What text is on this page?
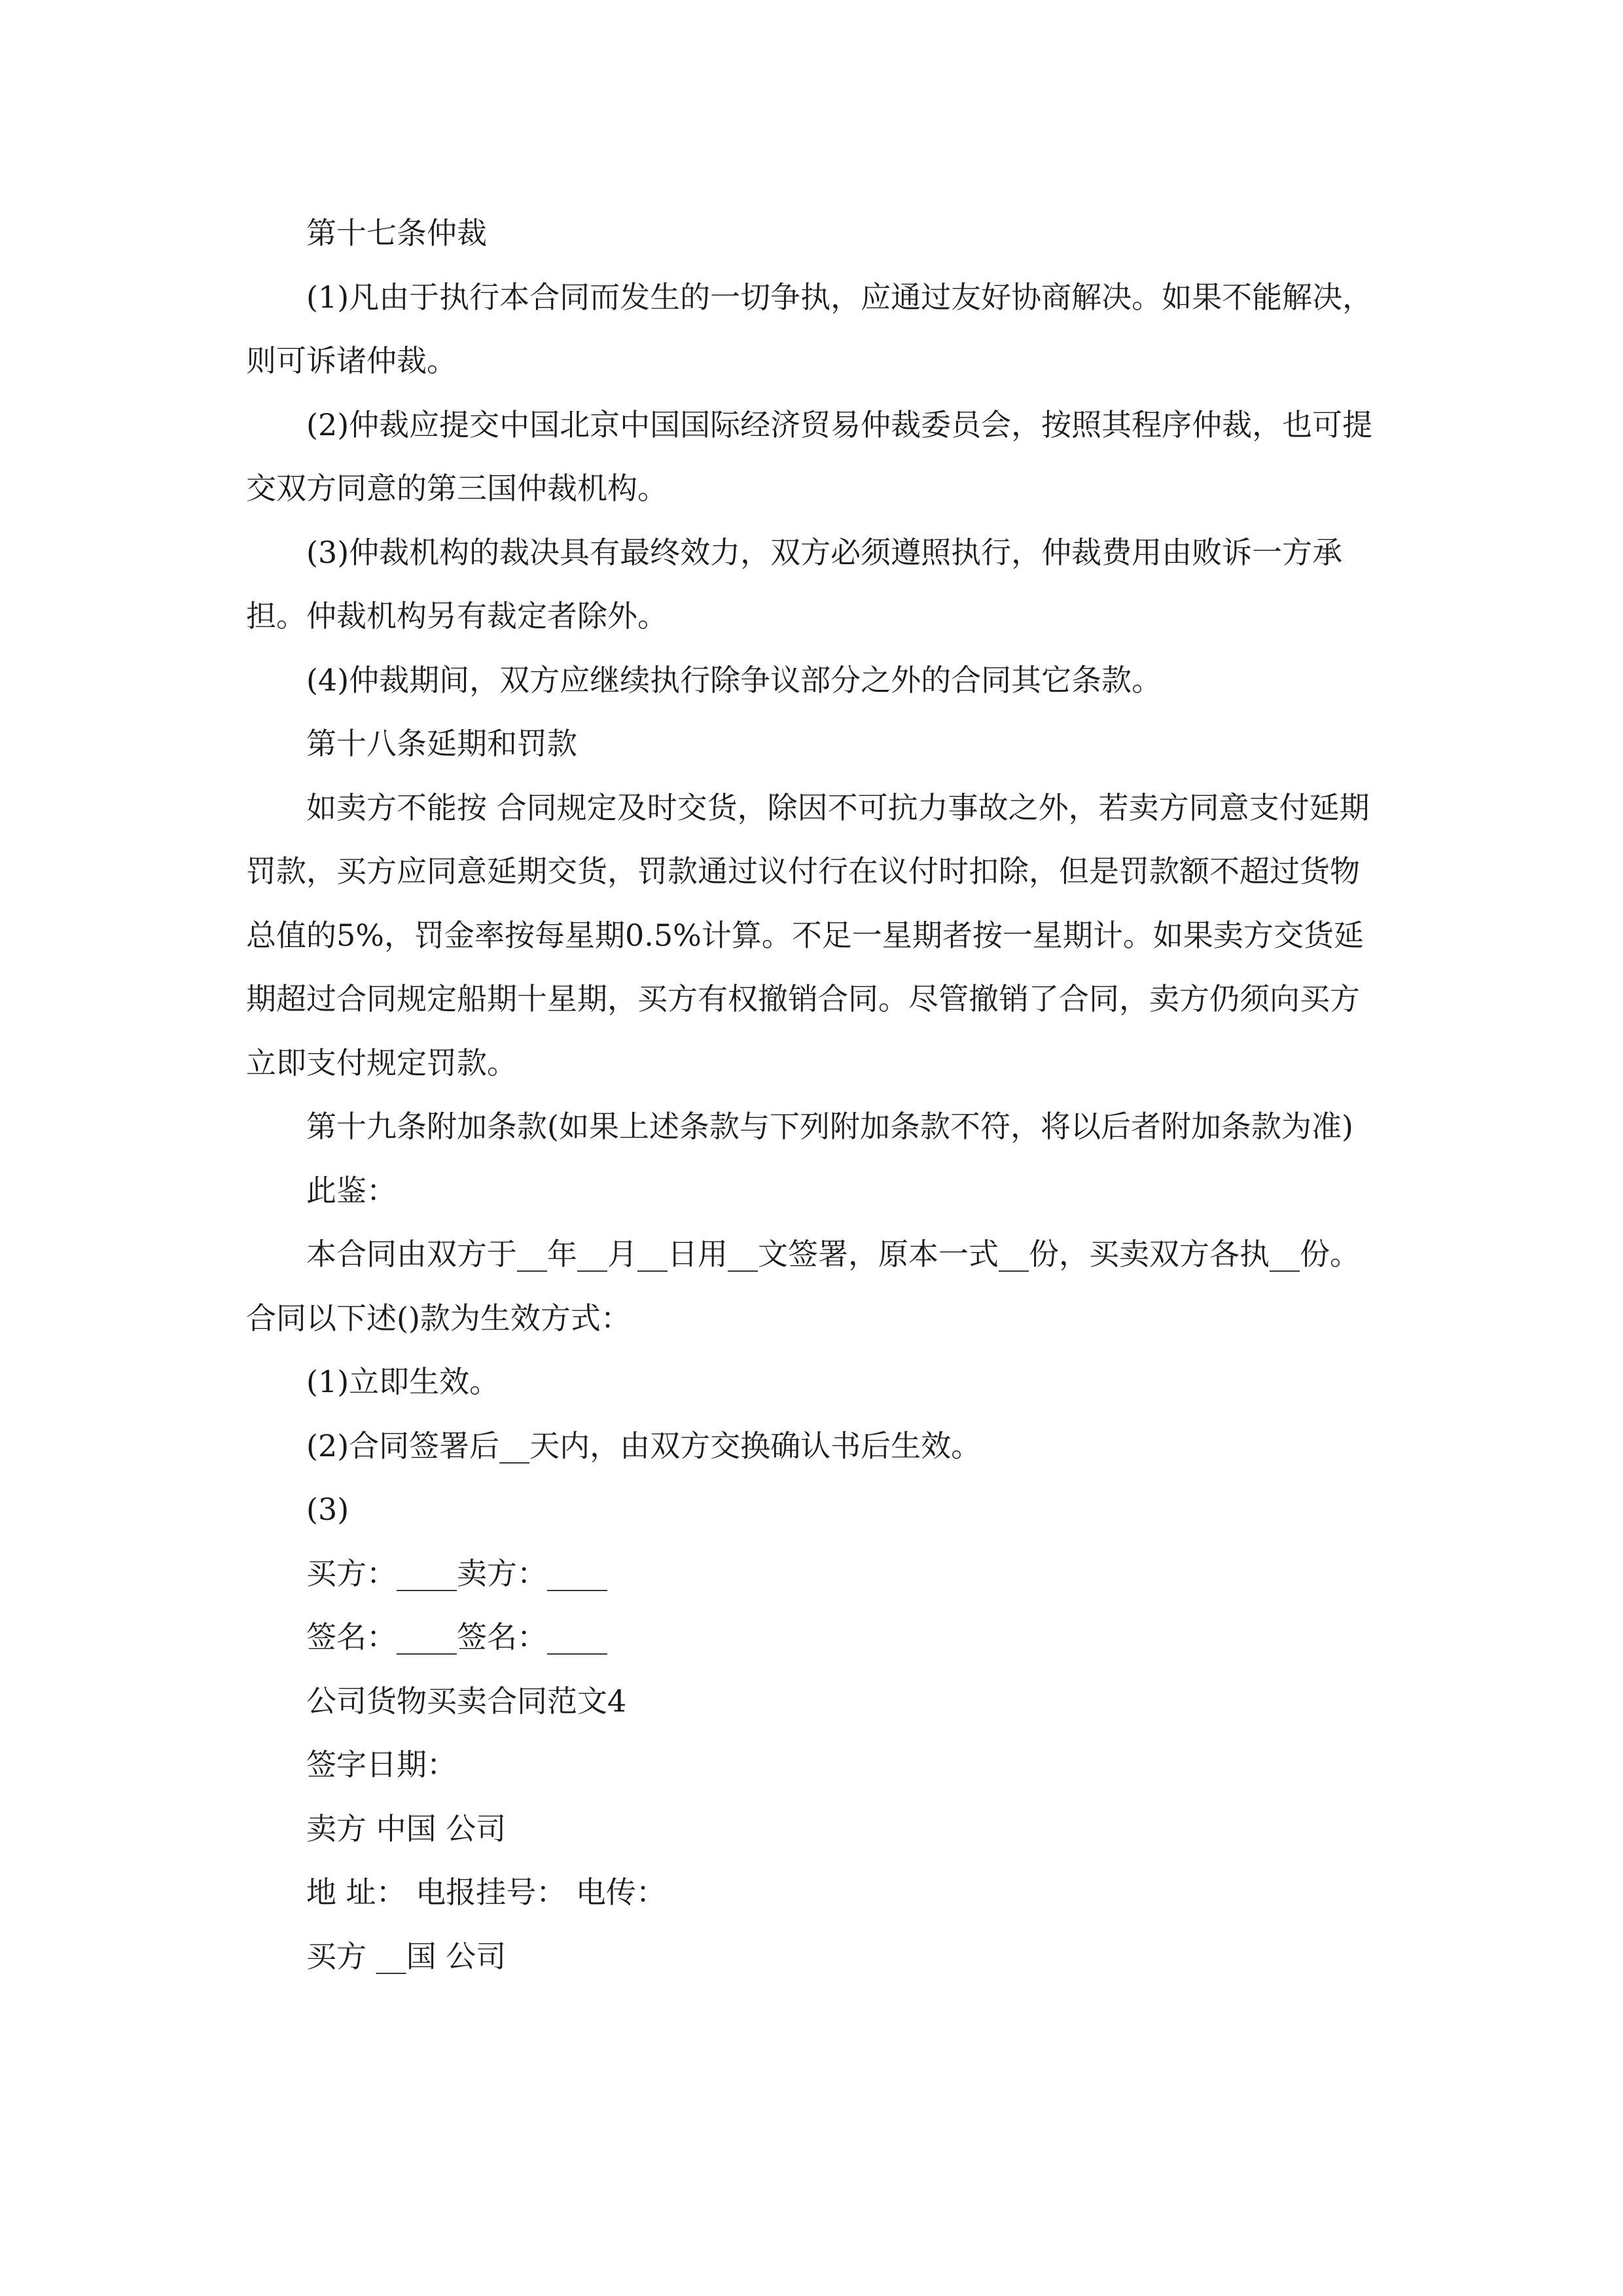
第十七条仲裁

(1)凡由于执行本合同而发生的一切争执，应通过友好协商解决。如果不能解决，则可诉诸仲裁。

(2)仲裁应提交中国北京中国国际经济贸易仲裁委员会，按照其程序仲裁，也可提交双方同意的第三国仲裁机构。

(3)仲裁机构的裁决具有最终效力，双方必须遵照执行，仲裁费用由败诉一方承担。仲裁机构另有裁定者除外。

(4)仲裁期间，双方应继续执行除争议部分之外的合同其它条款。

第十八条延期和罚款

如卖方不能按 合同规定及时交货，除因不可抗力事故之外，若卖方同意支付延期罚款，买方应同意延期交货，罚款通过议付行在议付时扣除，但是罚款额不超过货物总值的5%，罚金率按每星期0.5%计算。不足一星期者按一星期计。如果卖方交货延期超过合同规定船期十星期，买方有权撤销合同。尽管撤销了合同，卖方仍须向买方立即支付规定罚款。

第十九条附加条款(如果上述条款与下列附加条款不符，将以后者附加条款为准)

此鉴：

本合同由双方于__年__月__日用__文签署，原本一式__份，买卖双方各执__份。合同以下述()款为生效方式：

(1)立即生效。

(2)合同签署后__天内，由双方交换确认书后生效。

(3)

买方：____卖方：____

签名：____签名：____

公司货物买卖合同范文4

签字日期：

卖方 中国 公司

地 址： 电报挂号： 电传：

买方 __国 公司
